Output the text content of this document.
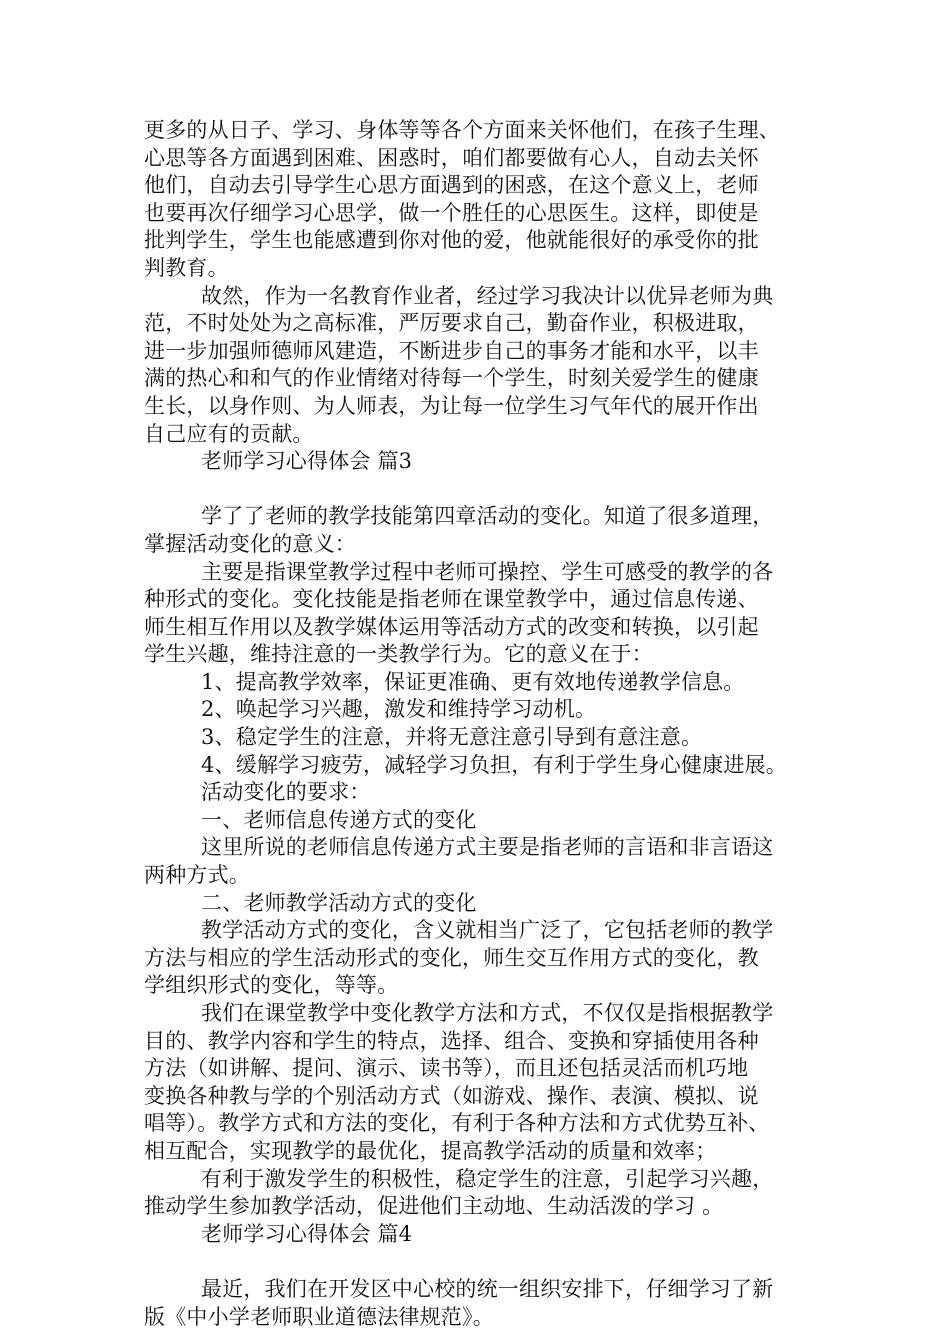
更多的从日子、学习、身体等等各个方面来关怀他们，在孩子生理、
心思等各方面遇到困难、困惑时，咱们都要做有心人，自动去关怀
他们，自动去引导学生心思方面遇到的困惑，在这个意义上，老师
也要再次仔细学习心思学，做一个胜任的心思医生。这样，即使是
批判学生，学生也能感遭到你对他的爱，他就能很好的承受你的批
判教育。
故然，作为一名教育作业者，经过学习我决计以优异老师为典
范，不时处处为之高标准，严厉要求自己，勤奋作业，积极进取，
进一步加强师德师风建造，不断进步自己的事务才能和水平，以丰
满的热心和和气的作业情绪对待每一个学生，时刻关爱学生的健康
生长，以身作则、为人师表，为让每一位学生习气年代的展开作出
自己应有的贡献。
老师学习心得体会 篇3
学了了老师的教学技能第四章活动的变化。知道了很多道理，
掌握活动变化的意义：
主要是指课堂教学过程中老师可操控、学生可感受的教学的各
种形式的变化。变化技能是指老师在课堂教学中，通过信息传递、
师生相互作用以及教学媒体运用等活动方式的改变和转换，以引起
学生兴趣，维持注意的一类教学行为。它的意义在于：
1、提高教学效率，保证更准确、更有效地传递教学信息。
2、唤起学习兴趣，激发和维持学习动机。
3、稳定学生的注意，并将无意注意引导到有意注意。
4、缓解学习疲劳，减轻学习负担，有利于学生身心健康进展。
活动变化的要求：
一、老师信息传递方式的变化
这里所说的老师信息传递方式主要是指老师的言语和非言语这
两种方式。
二、老师教学活动方式的变化
教学活动方式的变化，含义就相当广泛了，它包括老师的教学
方法与相应的学生活动形式的变化，师生交互作用方式的变化，教
学组织形式的变化，等等。
我们在课堂教学中变化教学方法和方式，不仅仅是指根据教学
目的、教学内容和学生的特点，选择、组合、变换和穿插使用各种
方法（如讲解、提问、演示、读书等），而且还包括灵活而机巧地
变换各种教与学的个别活动方式（如游戏、操作、表演、模拟、说
唱等）。教学方式和方法的变化，有利于各种方法和方式优势互补、
相互配合，实现教学的最优化，提高教学活动的质量和效率；
有利于激发学生的积极性，稳定学生的注意，引起学习兴趣，
推动学生参加教学活动，促进他们主动地、生动活泼的学习 。
老师学习心得体会 篇4
最近，我们在开发区中心校的统一组织安排下，仔细学习了新
版《中小学老师职业道德法律规范》。
